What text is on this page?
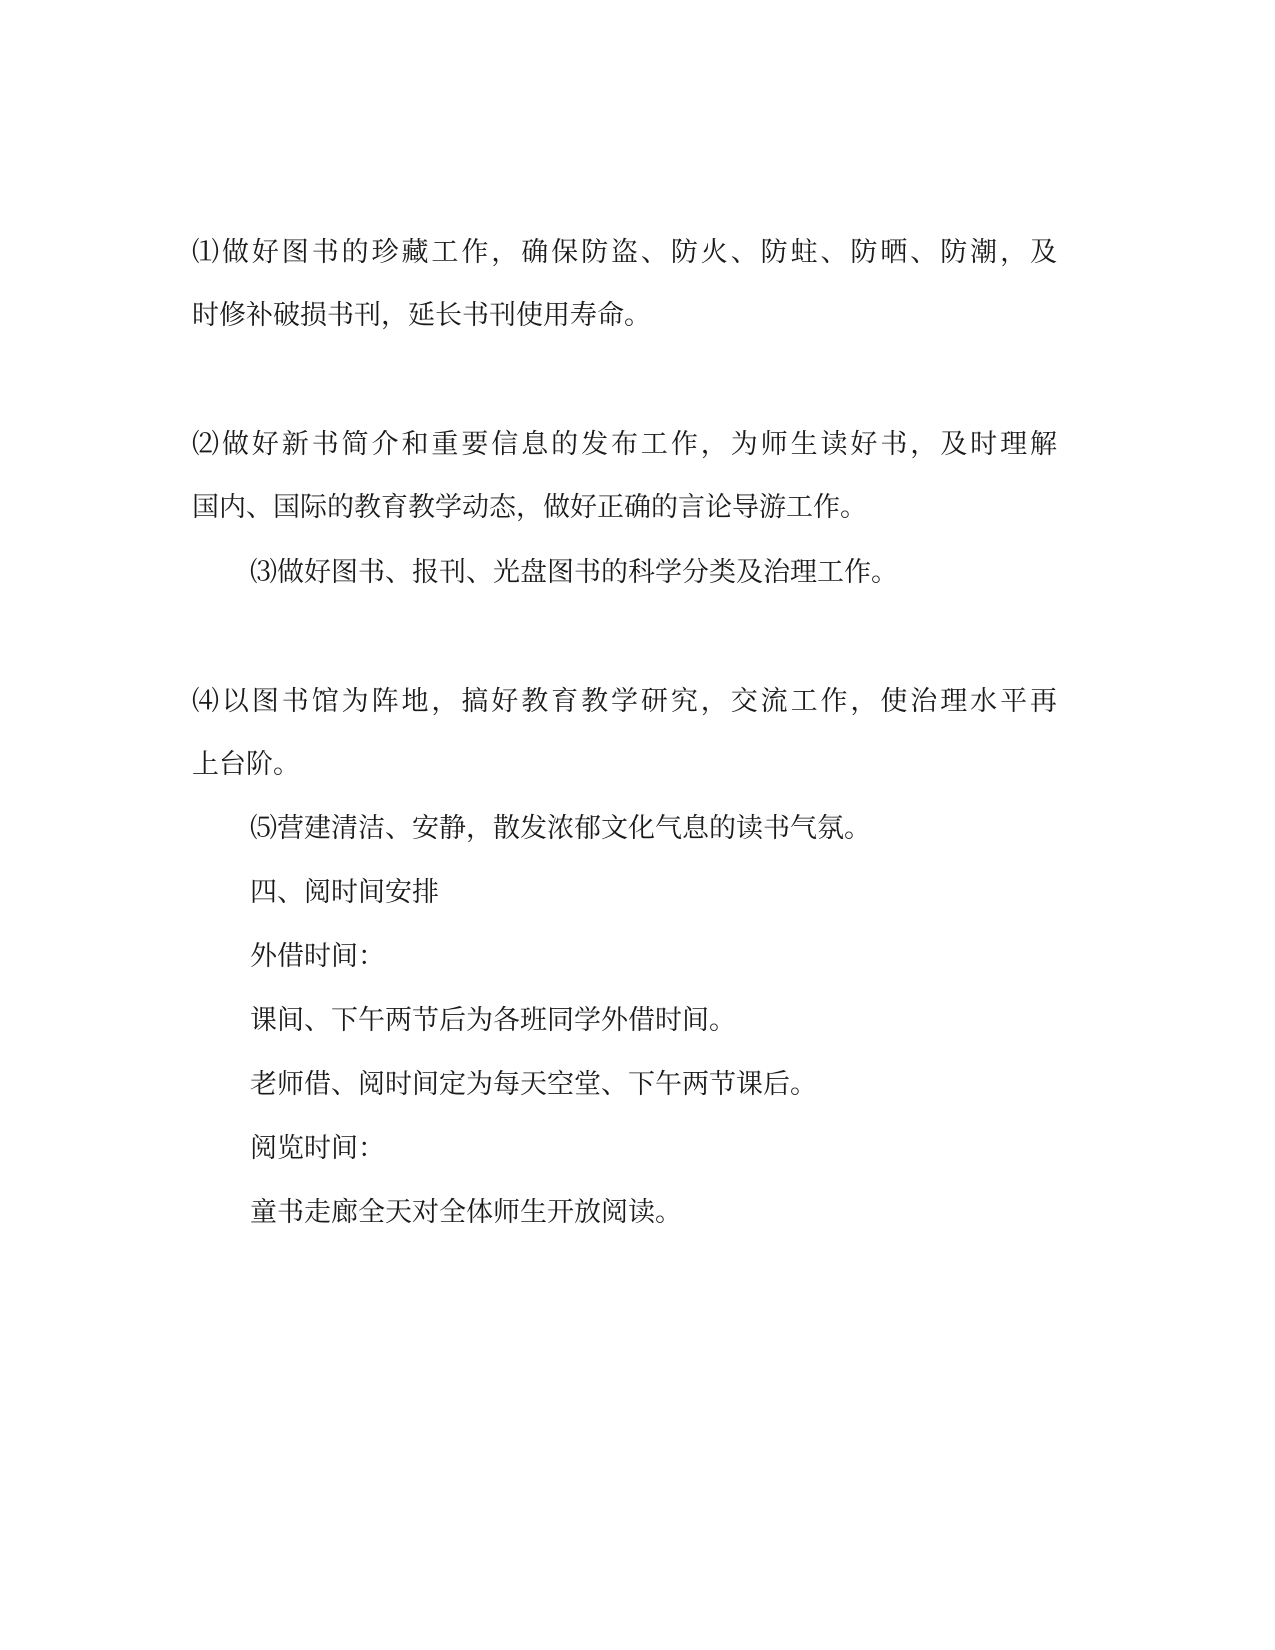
⑴做好图书的珍藏工作，确保防盗、防火、防蛀、防晒、防潮，及
时修补破损书刊，延长书刊使用寿命。
⑵做好新书简介和重要信息的发布工作，为师生读好书，及时理解
国内、国际的教育教学动态，做好正确的言论导游工作。
⑶做好图书、报刊、光盘图书的科学分类及治理工作。
⑷以图书馆为阵地，搞好教育教学研究，交流工作，使治理水平再
上台阶。
⑸营建清洁、安静，散发浓郁文化气息的读书气氛。
四、阅时间安排
外借时间：
课间、下午两节后为各班同学外借时间。
老师借、阅时间定为每天空堂、下午两节课后。
阅览时间：
童书走廊全天对全体师生开放阅读。
